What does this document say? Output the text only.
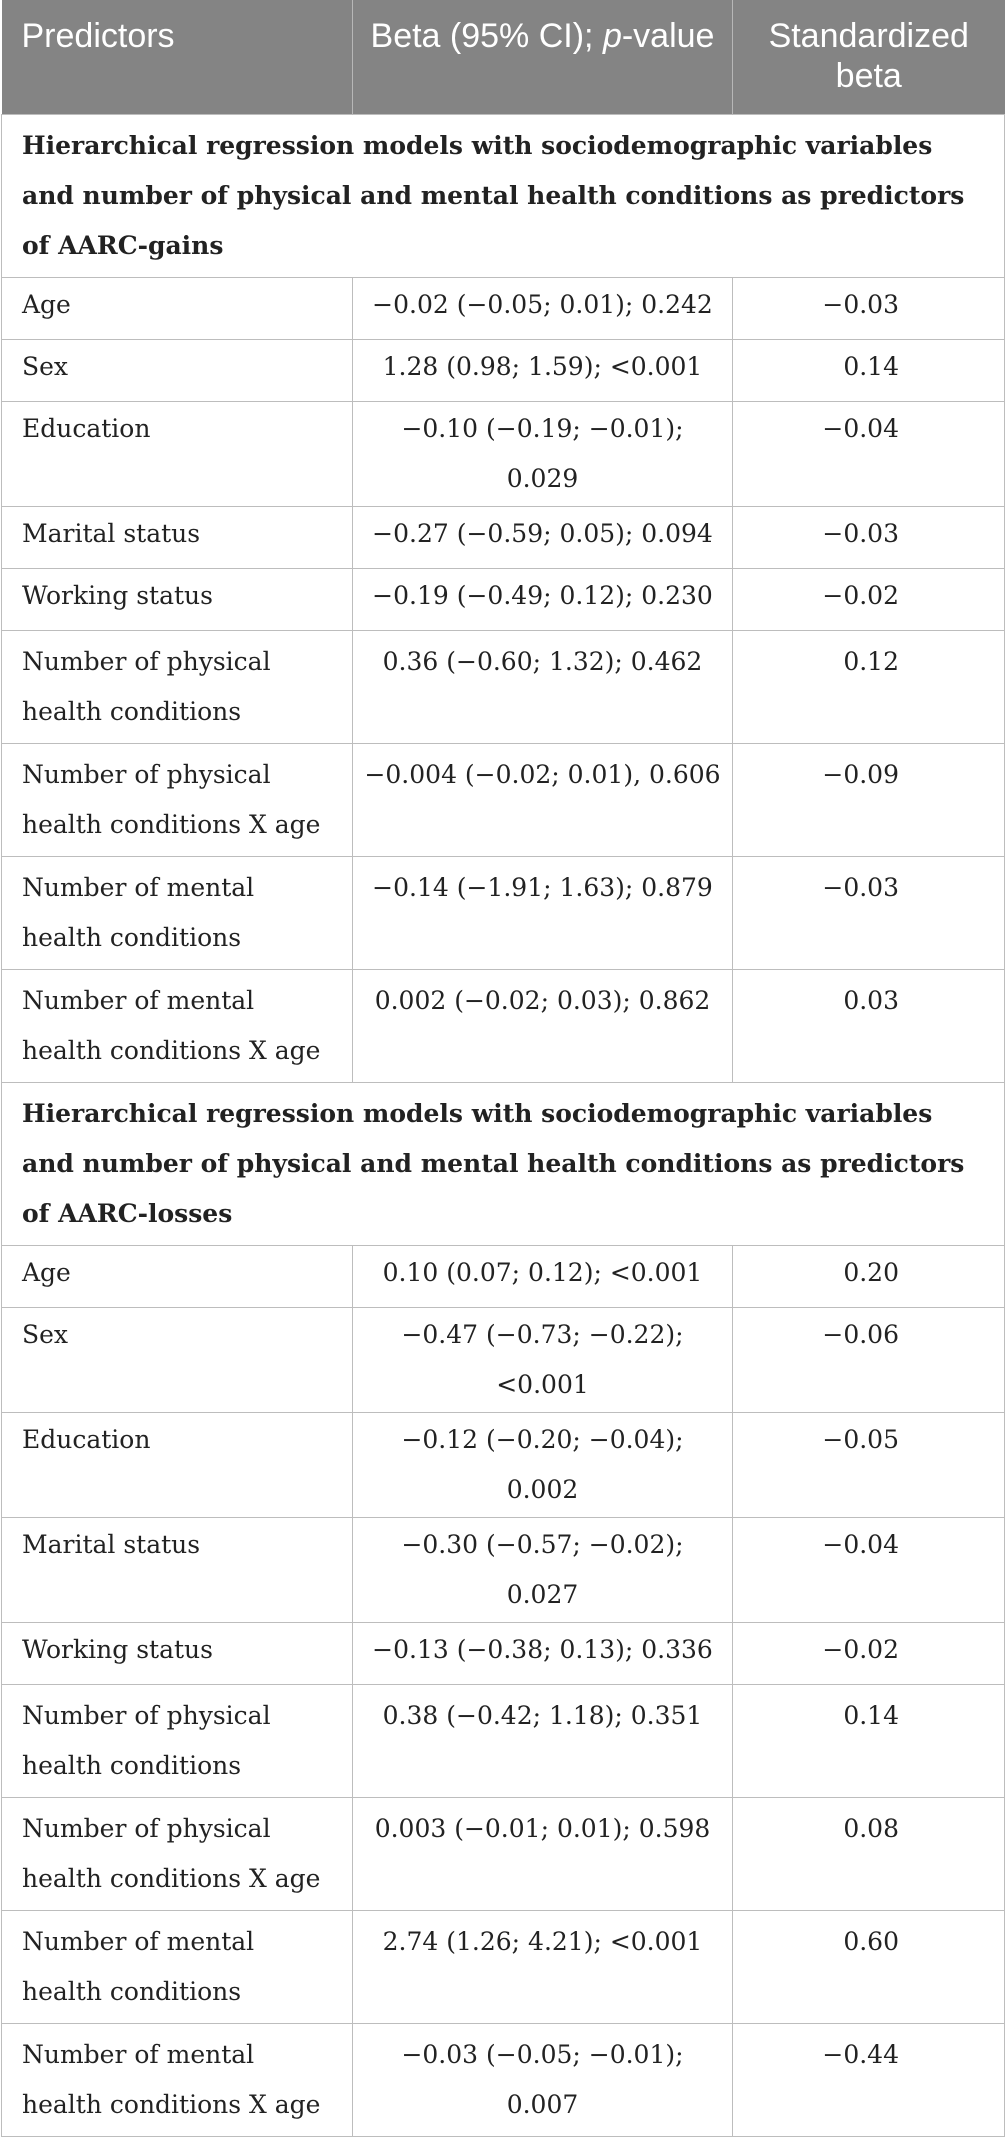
Predictors	Beta (95% CI); p-value	Standardized beta
Hierarchical regression models with sociodemographic variables and number of physical and mental health conditions as predictors of AARC-gains		
Age	−0.02 (−0.05; 0.01); 0.242	−0.03
Sex	1.28 (0.98; 1.59); <0.001	0.14
Education	−0.10 (−0.19; −0.01); 0.029	−0.04
Marital status	−0.27 (−0.59; 0.05); 0.094	−0.03
Working status	−0.19 (−0.49; 0.12); 0.230	−0.02
Number of physical health conditions	0.36 (−0.60; 1.32); 0.462	0.12
Number of physical health conditions X age	−0.004 (−0.02; 0.01), 0.606	−0.09
Number of mental health conditions	−0.14 (−1.91; 1.63); 0.879	−0.03
Number of mental health conditions X age	0.002 (−0.02; 0.03); 0.862	0.03
Hierarchical regression models with sociodemographic variables and number of physical and mental health conditions as predictors of AARC-losses		
Age	0.10 (0.07; 0.12); <0.001	0.20
Sex	−0.47 (−0.73; −0.22); <0.001	−0.06
Education	−0.12 (−0.20; −0.04); 0.002	−0.05
Marital status	−0.30 (−0.57; −0.02); 0.027	−0.04
Working status	−0.13 (−0.38; 0.13); 0.336	−0.02
Number of physical health conditions	0.38 (−0.42; 1.18); 0.351	0.14
Number of physical health conditions X age	0.003 (−0.01; 0.01); 0.598	0.08
Number of mental health conditions	2.74 (1.26; 4.21); <0.001	0.60
Number of mental health conditions X age	−0.03 (−0.05; −0.01); 0.007	−0.44
